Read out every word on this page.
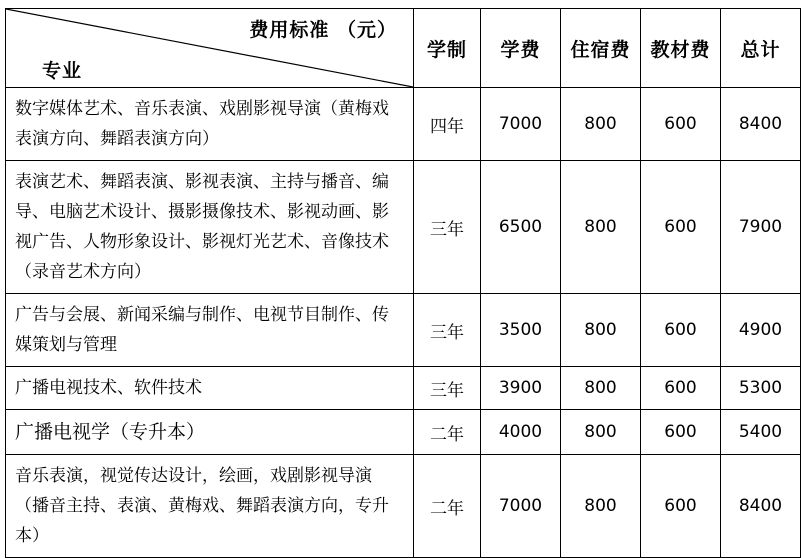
费用标准 （元）
专业	学制	学费	住宿费	教材费	总计
数字媒体艺术、音乐表演、戏剧影视导演（黄梅戏表演方向、舞蹈表演方向）	四年	7000	800	600	8400
表演艺术、舞蹈表演、影视表演、主持与播音、编导、电脑艺术设计、摄影摄像技术、影视动画、影视广告、人物形象设计、影视灯光艺术、音像技术（录音艺术方向）	三年	6500	800	600	7900
广告与会展、新闻采编与制作、电视节目制作、传媒策划与管理	三年	3500	800	600	4900
广播电视技术、软件技术	三年	3900	800	600	5300
广播电视学（专升本）	二年	4000	800	600	5400
音乐表演，视觉传达设计，绘画，戏剧影视导演（播音主持、表演、黄梅戏、舞蹈表演方向，专升本）	二年	7000	800	600	8400
